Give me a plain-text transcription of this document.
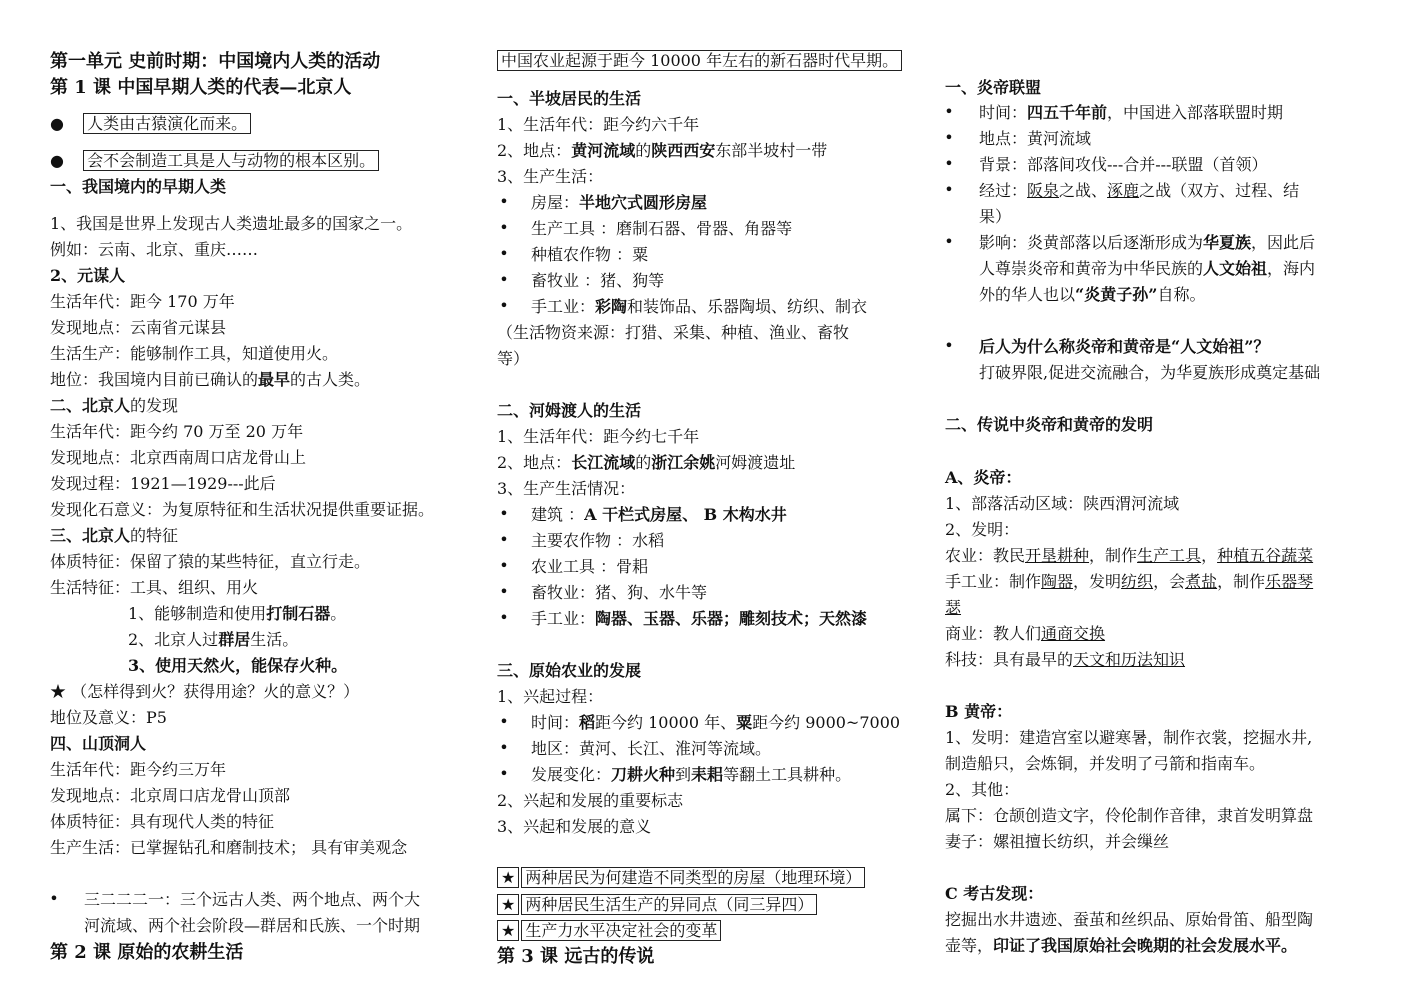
第一单元 史前时期：中国境内人类的活动
第 1 课 中国早期人类的代表—北京人
● 人类由古猿演化而来。
● 会不会制造工具是人与动物的根本区别。
一、我国境内的早期人类
1、我国是世界上发现古人类遗址最多的国家之一。
例如：云南、北京、重庆……
2、元谋人
生活年代：距今 170 万年
发现地点：云南省元谋县
生活生产：能够制作工具，知道使用火。
地位：我国境内目前已确认的最早的古人类。
二、北京人的发现
生活年代：距今约 70 万至 20 万年
发现地点：北京西南周口店龙骨山上
发现过程：1921—1929---此后
发现化石意义：为复原特征和生活状况提供重要证据。
三、北京人的特征
体质特征：保留了猿的某些特征，直立行走。
生活特征：工具、组织、用火
1、能够制造和使用打制石器。
2、北京人过群居生活。
3、使用天然火，能保存火种。
★ （怎样得到火？获得用途？火的意义？）
地位及意义：P5
四、山顶洞人
生活年代：距今约三万年
发现地点：北京周口店龙骨山顶部
体质特征：具有现代人类的特征
生产生活：已掌握钻孔和磨制技术； 具有审美观念
•	三二二二一：三个远古人类、两个地点、两个大
河流域、两个社会阶段—群居和氏族、一个时期
第 2 课 原始的农耕生活
中国农业起源于距今 10000 年左右的新石器时代早期。
一、半坡居民的生活
1、生活年代：距今约六千年
2、地点：黄河流域的陕西西安东部半坡村一带
3、生产生活：
•	房屋：半地穴式圆形房屋
•	生产工具 ：磨制石器、骨器、角器等
•	种植农作物 ：粟
•	畜牧业 ：猪、狗等
•	手工业：彩陶和装饰品、乐器陶埙、纺织、制衣
（生活物资来源：打猎、采集、种植、渔业、畜牧
等）
二、河姆渡人的生活
1、生活年代：距今约七千年
2、地点：长江流域的浙江余姚河姆渡遗址
3、生产生活情况：
•	建筑 ：A 干栏式房屋、 B 木构水井
•	主要农作物 ：水稻
•	农业工具 ：骨耜
•	畜牧业：猪、狗、水牛等
•	手工业：陶器、玉器、乐器；雕刻技术；天然漆
三、原始农业的发展
1、兴起过程：
•	时间：稻距今约 10000 年、粟距今约 9000~7000
•	地区：黄河、长江、淮河等流域。
•	发展变化：刀耕火种到耒耜等翻土工具耕种。
2、兴起和发展的重要标志
3、兴起和发展的意义
★ 两种居民为何建造不同类型的房屋（地理环境）
★ 两种居民生活生产的异同点（同三异四）
★ 生产力水平决定社会的变革
第 3 课 远古的传说
一、炎帝联盟
•	时间：四五千年前，中国进入部落联盟时期
•	地点：黄河流域
•	背景：部落间攻伐---合并---联盟（首领）
•	经过：阪泉之战、涿鹿之战（双方、过程、结
果）
•	影响：炎黄部落以后逐渐形成为华夏族，因此后
人尊崇炎帝和黄帝为中华民族的人文始祖，海内
外的华人也以“炎黄子孙”自称。
•	后人为什么称炎帝和黄帝是“人文始祖”？
打破界限,促进交流融合，为华夏族形成奠定基础
二、传说中炎帝和黄帝的发明
A、炎帝：
1、部落活动区域：陕西渭河流域
2、发明：
农业：教民开垦耕种，制作生产工具，种植五谷蔬菜
手工业：制作陶器，发明纺织，会煮盐，制作乐器琴
瑟
商业：教人们通商交换
科技：具有最早的天文和历法知识
B 黄帝：
1、发明：建造宫室以避寒暑，制作衣裳，挖掘水井,
制造船只，会炼铜，并发明了弓箭和指南车。
2、其他：
属下：仓颉创造文字，伶伦制作音律，隶首发明算盘
妻子：嫘祖擅长纺织，并会缫丝
C 考古发现：
挖掘出水井遗迹、蚕茧和丝织品、原始骨笛、船型陶
壶等，印证了我国原始社会晚期的社会发展水平。
